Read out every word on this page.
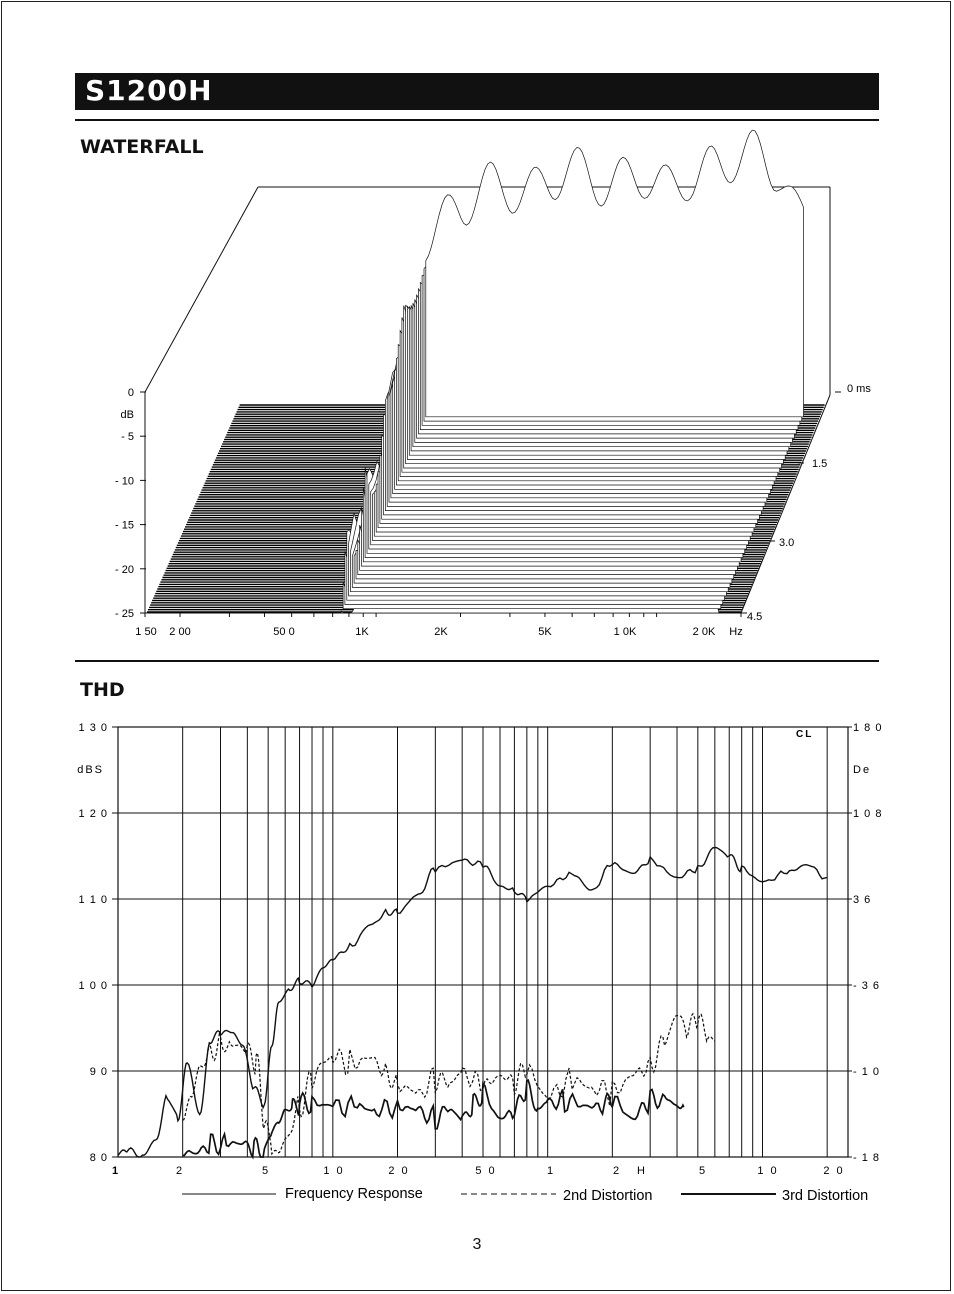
S1200H
WATERFALL
0
- 5
- 10
- 15
- 20
- 25
dB
1 50 2 00	50 0	1K	2K	5K	1 0K	2 0K Hz
0 ms
1.5
3.0
4.5
THD
1 3 0
1 2 0
1 1 0
1 0 0
9 0
8 0
dBS
1 8 0
1 0 8
3 6
- 3 6
- 1 0
- 1 8
De
CL
1	2	5	1 0	2 0	5 0	1	2 H	5	1 0	2 0
Frequency Response	2nd Distortion	3rd Distortion
3
